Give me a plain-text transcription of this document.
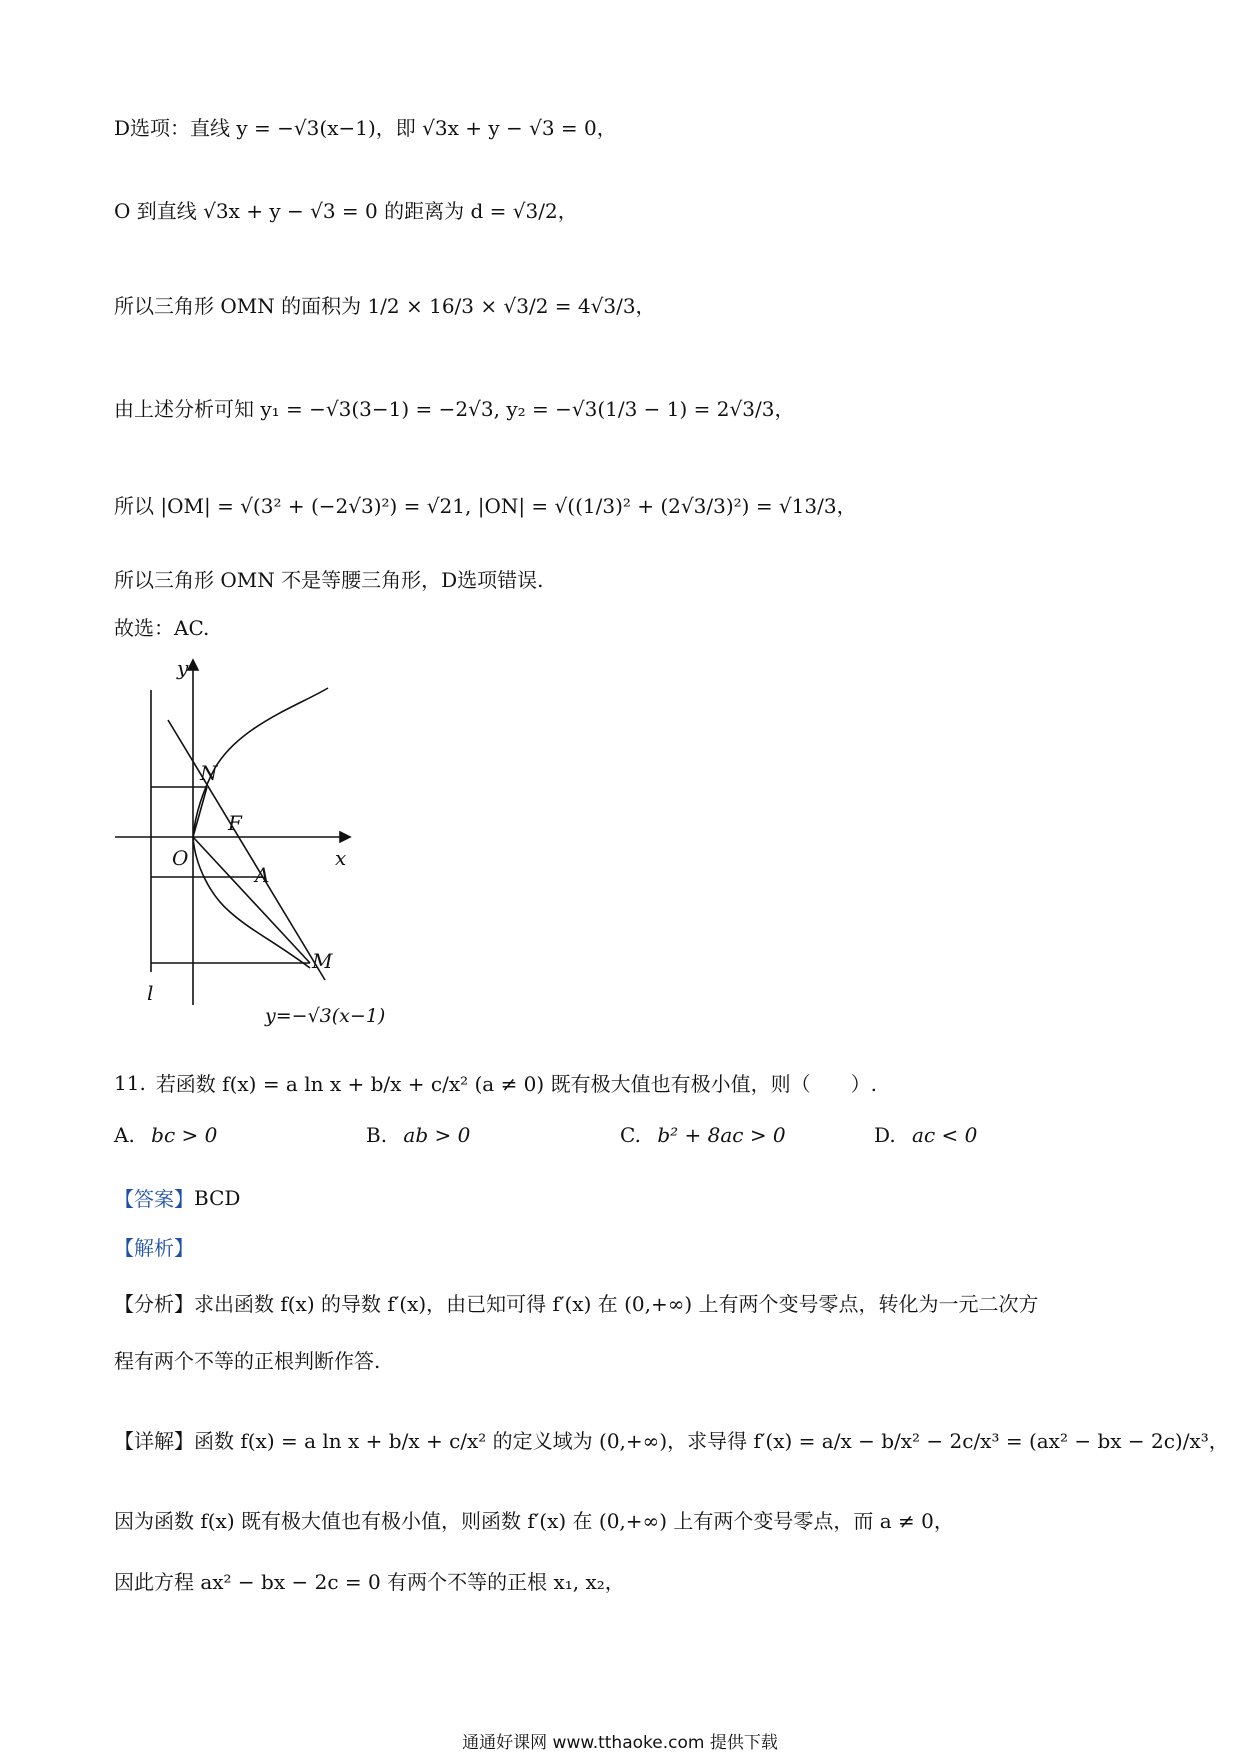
D选项：直线 y = −√3(x−1)，即 √3x + y − √3 = 0，
O 到直线 √3x + y − √3 = 0 的距离为 d = √3/2，
所以三角形 OMN 的面积为 1/2 × 16/3 × √3/2 = 4√3/3，
由上述分析可知 y₁ = −√3(3−1) = −2√3, y₂ = −√3(1/3 − 1) = 2√3/3，
所以 |OM| = √(3² + (−2√3)²) = √21, |ON| = √((1/3)² + (2√3/3)²) = √13/3，
所以三角形 OMN 不是等腰三角形，D选项错误.
故选：AC.
y
x
O
N
F
A
M
l
y=−√3(x−1)
11. 若函数 f(x) = a ln x + b/x + c/x² (a ≠ 0) 既有极大值也有极小值，则（　　）.
A. bc > 0	B. ab > 0	C. b² + 8ac > 0	D. ac < 0
【答案】 BCD
【解析】
【分析】 求出函数 f(x) 的导数 f′(x)，由已知可得 f′(x) 在 (0,+∞) 上有两个变号零点，转化为一元二次方
程有两个不等的正根判断作答.
【详解】 函数 f(x) = a ln x + b/x + c/x² 的定义域为 (0,+∞)，求导得 f′(x) = a/x − b/x² − 2c/x³ = (ax² − bx − 2c)/x³，
因为函数 f(x) 既有极大值也有极小值，则函数 f′(x) 在 (0,+∞) 上有两个变号零点，而 a ≠ 0，
因此方程 ax² − bx − 2c = 0 有两个不等的正根 x₁, x₂，
通通好课网 www.tthaoke.com 提供下载
